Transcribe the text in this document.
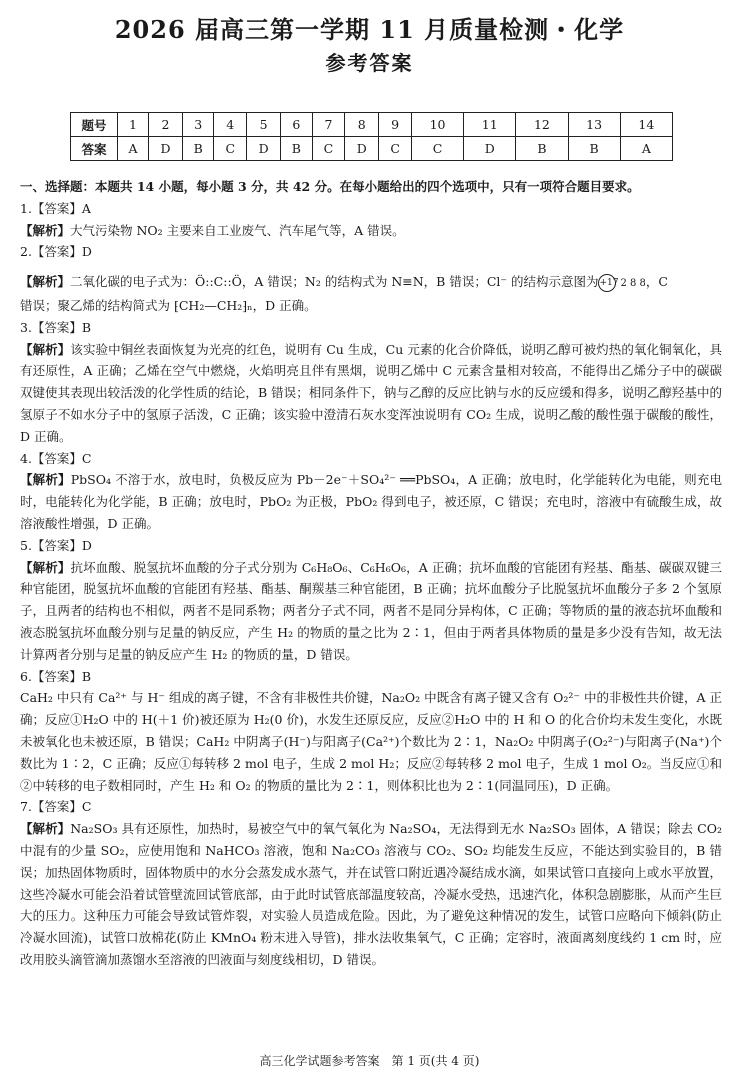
2026 届高三第一学期 11 月质量检测・化学
参考答案
题号	1	2	3	4	5	6	7	8	9	10	11	12	13	14
答案	A	D	B	C	D	B	C	D	C	C	D	B	B	A

一、选择题：本题共 14 小题，每小题 3 分，共 42 分。在每小题给出的四个选项中，只有一项符合题目要求。

1.【答案】A

【解析】大气污染物 NO₂ 主要来自工业废气、汽车尾气等，A 错误。

2.【答案】D

【解析】二氧化碳的电子式为：Ö::C::Ö，A 错误；N₂ 的结构式为 N≡N，B 错误；Cl⁻ 的结构示意图为+17 2 8 8，C
错误；聚乙烯的结构简式为 ⁅CH₂—CH₂⁆ₙ，D 正确。

3.【答案】B

【解析】该实验中铜丝表面恢复为光亮的红色，说明有 Cu 生成，Cu 元素的化合价降低，说明乙醇可被灼热的氧化铜氧化，具有还原性，A 正确；乙烯在空气中燃烧，火焰明亮且伴有黑烟，说明乙烯中 C 元素含量相对较高，不能得出乙烯分子中的碳碳双键使其表现出较活泼的化学性质的结论，B 错误；相同条件下，钠与乙醇的反应比钠与水的反应缓和得多，说明乙醇羟基中的氢原子不如水分子中的氢原子活泼，C 正确；该实验中澄清石灰水变浑浊说明有 CO₂ 生成，说明乙酸的酸性强于碳酸的酸性，D 正确。

4.【答案】C

【解析】PbSO₄ 不溶于水，放电时，负极反应为 Pb－2e⁻＋SO₄²⁻ ══PbSO₄，A 正确；放电时，化学能转化为电能，则充电时，电能转化为化学能，B 正确；放电时，PbO₂ 为正极，PbO₂ 得到电子，被还原，C 错误；充电时，溶液中有硫酸生成，故溶液酸性增强，D 正确。

5.【答案】D

【解析】抗坏血酸、脱氢抗坏血酸的分子式分别为 C₆H₈O₆、C₆H₆O₆，A 正确；抗坏血酸的官能团有羟基、酯基、碳碳双键三种官能团，脱氢抗坏血酸的官能团有羟基、酯基、酮羰基三种官能团，B 正确；抗坏血酸分子比脱氢抗坏血酸分子多 2 个氢原子，且两者的结构也不相似，两者不是同系物；两者分子式不同，两者不是同分异构体，C 正确；等物质的量的液态抗坏血酸和液态脱氢抗坏血酸分别与足量的钠反应，产生 H₂ 的物质的量之比为 2∶1，但由于两者具体物质的量是多少没有告知，故无法计算两者分别与足量的钠反应产生 H₂ 的物质的量，D 错误。

6.【答案】B

CaH₂ 中只有 Ca²⁺ 与 H⁻ 组成的离子键，不含有非极性共价键，Na₂O₂ 中既含有离子键又含有 O₂²⁻ 中的非极性共价键，A 正确；反应①H₂O 中的 H(＋1 价)被还原为 H₂(0 价)，水发生还原反应，反应②H₂O 中的 H 和 O 的化合价均未发生变化，水既未被氧化也未被还原，B 错误；CaH₂ 中阴离子(H⁻)与阳离子(Ca²⁺)个数比为 2∶1，Na₂O₂ 中阴离子(O₂²⁻)与阳离子(Na⁺)个数比为 1∶2，C 正确；反应①每转移 2 mol 电子，生成 2 mol H₂；反应②每转移 2 mol 电子，生成 1 mol O₂。当反应①和②中转移的电子数相同时，产生 H₂ 和 O₂ 的物质的量比为 2∶1，则体积比也为 2∶1(同温同压)，D 正确。

7.【答案】C

【解析】Na₂SO₃ 具有还原性，加热时，易被空气中的氧气氧化为 Na₂SO₄，无法得到无水 Na₂SO₃ 固体，A 错误；除去 CO₂ 中混有的少量 SO₂，应使用饱和 NaHCO₃ 溶液，饱和 Na₂CO₃ 溶液与 CO₂、SO₂ 均能发生反应，不能达到实验目的，B 错误；加热固体物质时，固体物质中的水分会蒸发成水蒸气，并在试管口附近遇冷凝结成水滴，如果试管口直接向上或水平放置，这些冷凝水可能会沿着试管壁流回试管底部，由于此时试管底部温度较高，冷凝水受热，迅速汽化，体积急剧膨胀，从而产生巨大的压力。这种压力可能会导致试管炸裂，对实验人员造成危险。因此，为了避免这种情况的发生，试管口应略向下倾斜(防止冷凝水回流)，试管口放棉花(防止 KMnO₄ 粉末进入导管)，排水法收集氧气，C 正确；定容时，液面离刻度线约 1 cm 时，应改用胶头滴管滴加蒸馏水至溶液的凹液面与刻度线相切，D 错误。

高三化学试题参考答案　第 1 页(共 4 页)
